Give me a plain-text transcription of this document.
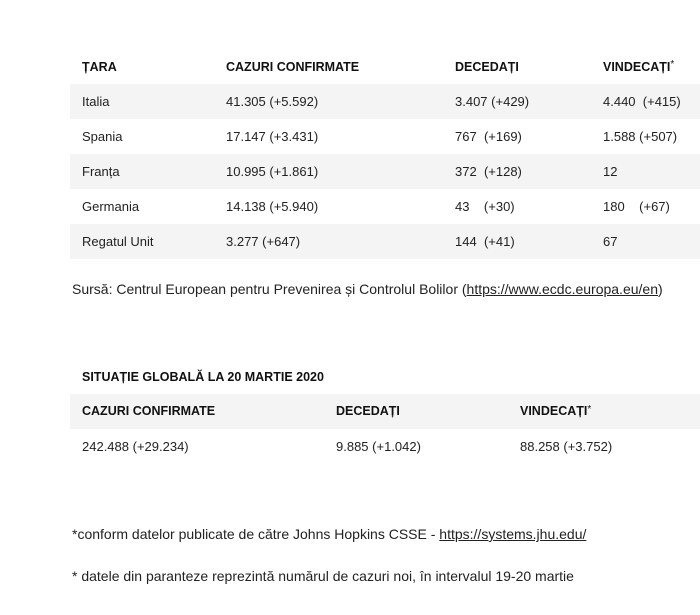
ȚARA	CAZURI CONFIRMATE	DECEDAȚI	VINDECAȚI*
Italia	41.305 (+5.592)	3.407 (+429)	4.440 (+415)
Spania	17.147 (+3.431)	767 (+169)	1.588 (+507)
Franța	10.995 (+1.861)	372 (+128)	12
Germania	14.138 (+5.940)	43 (+30)	180 (+67)
Regatul Unit	3.277 (+647)	144 (+41)	67
Sursă: Centrul European pentru Prevenirea și Controlul Bolilor (https://www.ecdc.europa.eu/en)
SITUAȚIE GLOBALĂ LA 20 MARTIE 2020
CAZURI CONFIRMATE	DECEDAȚI	VINDECAȚI*
242.488 (+29.234)	9.885 (+1.042)	88.258 (+3.752)
*conform datelor publicate de către Johns Hopkins CSSE - https://systems.jhu.edu/
* datele din paranteze reprezintă numărul de cazuri noi, în intervalul 19-20 martie
